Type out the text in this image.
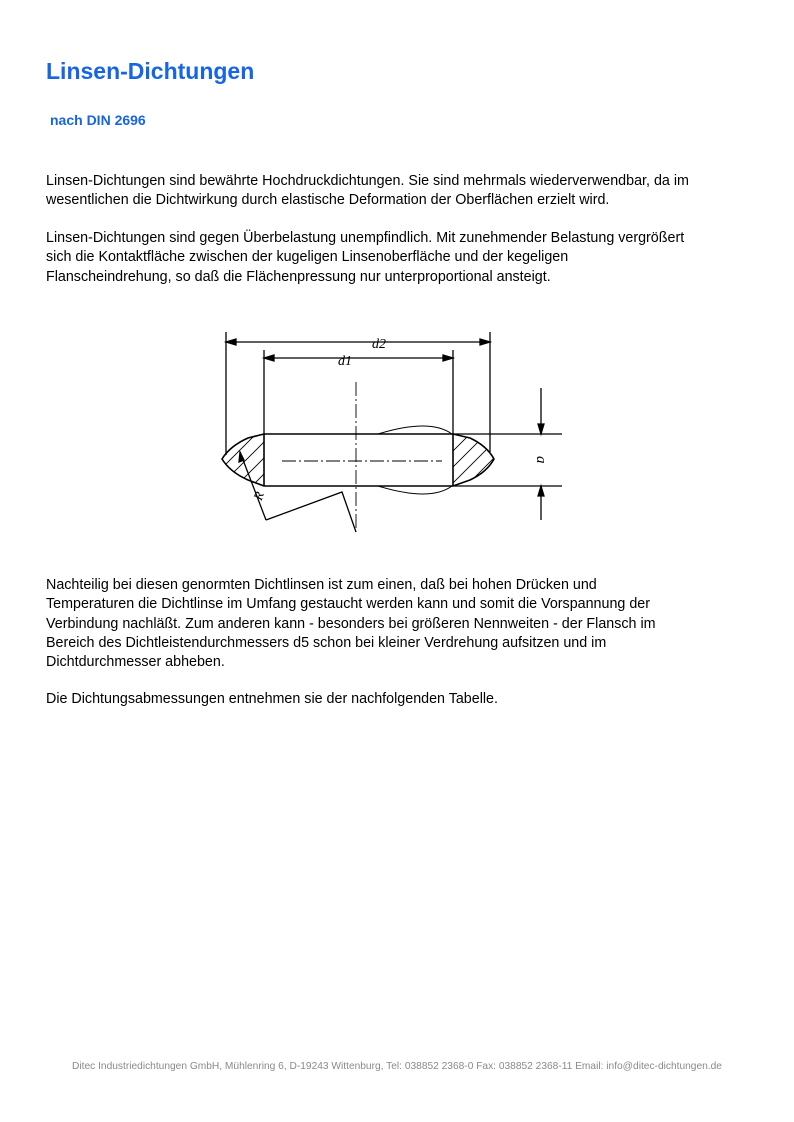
Linsen-Dichtungen
nach DIN 2696
Linsen-Dichtungen sind bewährte Hochdruckdichtungen. Sie sind mehrmals wiederverwendbar, da im
wesentlichen die Dichtwirkung durch elastische Deformation der Oberflächen erzielt wird.
Linsen-Dichtungen sind gegen Überbelastung unempfindlich. Mit zunehmender Belastung vergrößert
sich die Kontaktfläche zwischen der kugeligen Linsenoberfläche und der kegeligen
Flanscheindrehung, so daß die Flächenpressung nur unterproportional ansteigt.
d2
d1
a
R
Nachteilig bei diesen genormten Dichtlinsen ist zum einen, daß bei hohen Drücken und
Temperaturen die Dichtlinse im Umfang gestaucht werden kann und somit die Vorspannung der
Verbindung nachläßt. Zum anderen kann - besonders bei größeren Nennweiten - der Flansch im
Bereich des Dichtleistendurchmessers d5 schon bei kleiner Verdrehung aufsitzen und im
Dichtdurchmesser abheben.
Die Dichtungsabmessungen entnehmen sie der nachfolgenden Tabelle.
Ditec Industriedichtungen GmbH, Mühlenring 6, D-19243 Wittenburg, Tel: 038852 2368-0 Fax: 038852 2368-11 Email: info@ditec-dichtungen.de
